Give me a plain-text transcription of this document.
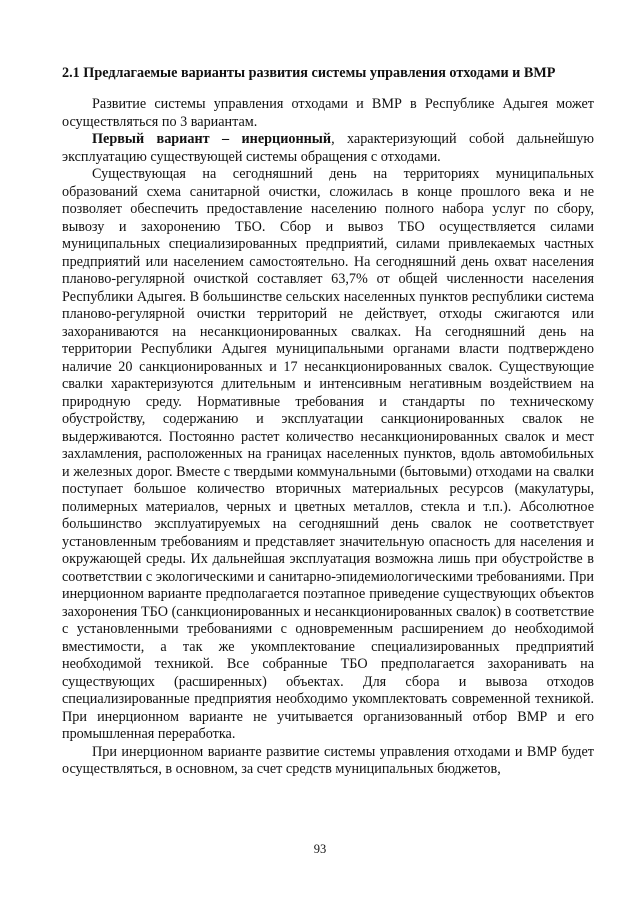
2.1 Предлагаемые варианты развития системы управления отходами и ВМР

Развитие системы управления отходами и ВМР в Республике Адыгея может осуществляться по 3 вариантам.

Первый вариант – инерционный, характеризующий собой дальнейшую эксплуатацию существующей системы обращения с отходами.

Существующая на сегодняшний день на территориях муниципальных образований схема санитарной очистки, сложилась в конце прошлого века и не позволяет обеспечить предоставление населению полного набора услуг по сбору, вывозу и захоронению ТБО. Сбор и вывоз ТБО осуществляется силами муниципальных специализированных предприятий, силами привлекаемых частных предприятий или населением самостоятельно. На сегодняшний день охват населения планово-регулярной очисткой составляет 63,7% от общей численности населения Республики Адыгея. В большинстве сельских населенных пунктов республики система планово-регулярной очистки территорий не действует, отходы сжигаются или захораниваются на несанкционированных свалках. На сегодняшний день на территории Республики Адыгея муниципальными органами власти подтверждено наличие 20 санкционированных и 17 несанкционированных свалок. Существующие свалки характеризуются длительным и интенсивным негативным воздействием на природную среду. Нормативные требования и стандарты по техническому обустройству, содержанию и эксплуатации санкционированных свалок не выдерживаются. Постоянно растет количество несанкционированных свалок и мест захламления, расположенных на границах населенных пунктов, вдоль автомобильных и железных дорог. Вместе с твердыми коммунальными (бытовыми) отходами на свалки поступает большое количество вторичных материальных ресурсов (макулатуры, полимерных материалов, черных и цветных металлов, стекла и т.п.). Абсолютное большинство эксплуатируемых на сегодняшний день свалок не соответствует установленным требованиям и представляет значительную опасность для населения и окружающей среды. Их дальнейшая эксплуатация возможна лишь при обустройстве в соответствии с экологическими и санитарно-эпидемиологическими требованиями. При инерционном варианте предполагается поэтапное приведение существующих объектов захоронения ТБО (санкционированных и несанкционированных свалок) в соответствие с установленными требованиями с одновременным расширением до необходимой вместимости, а так же укомплектование специализированных предприятий необходимой техникой. Все собранные ТБО предполагается захоранивать на существующих (расширенных) объектах. Для сбора и вывоза отходов специализированные предприятия необходимо укомплектовать современной техникой. При инерционном варианте не учитывается организованный отбор ВМР и его промышленная переработка.

При инерционном варианте развитие системы управления отходами и ВМР будет осуществляться, в основном, за счет средств муниципальных бюджетов,

93
